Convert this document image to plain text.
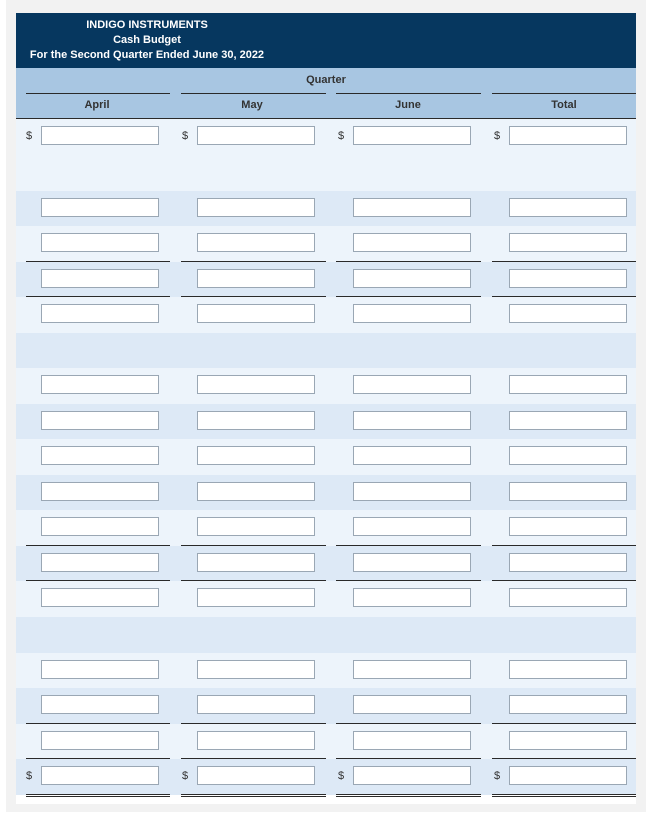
INDIGO INSTRUMENTS
Cash Budget
For the Second Quarter Ended June 30, 2022
Quarter
April	May	June	Total
$	$	$	$
$	$	$	$
